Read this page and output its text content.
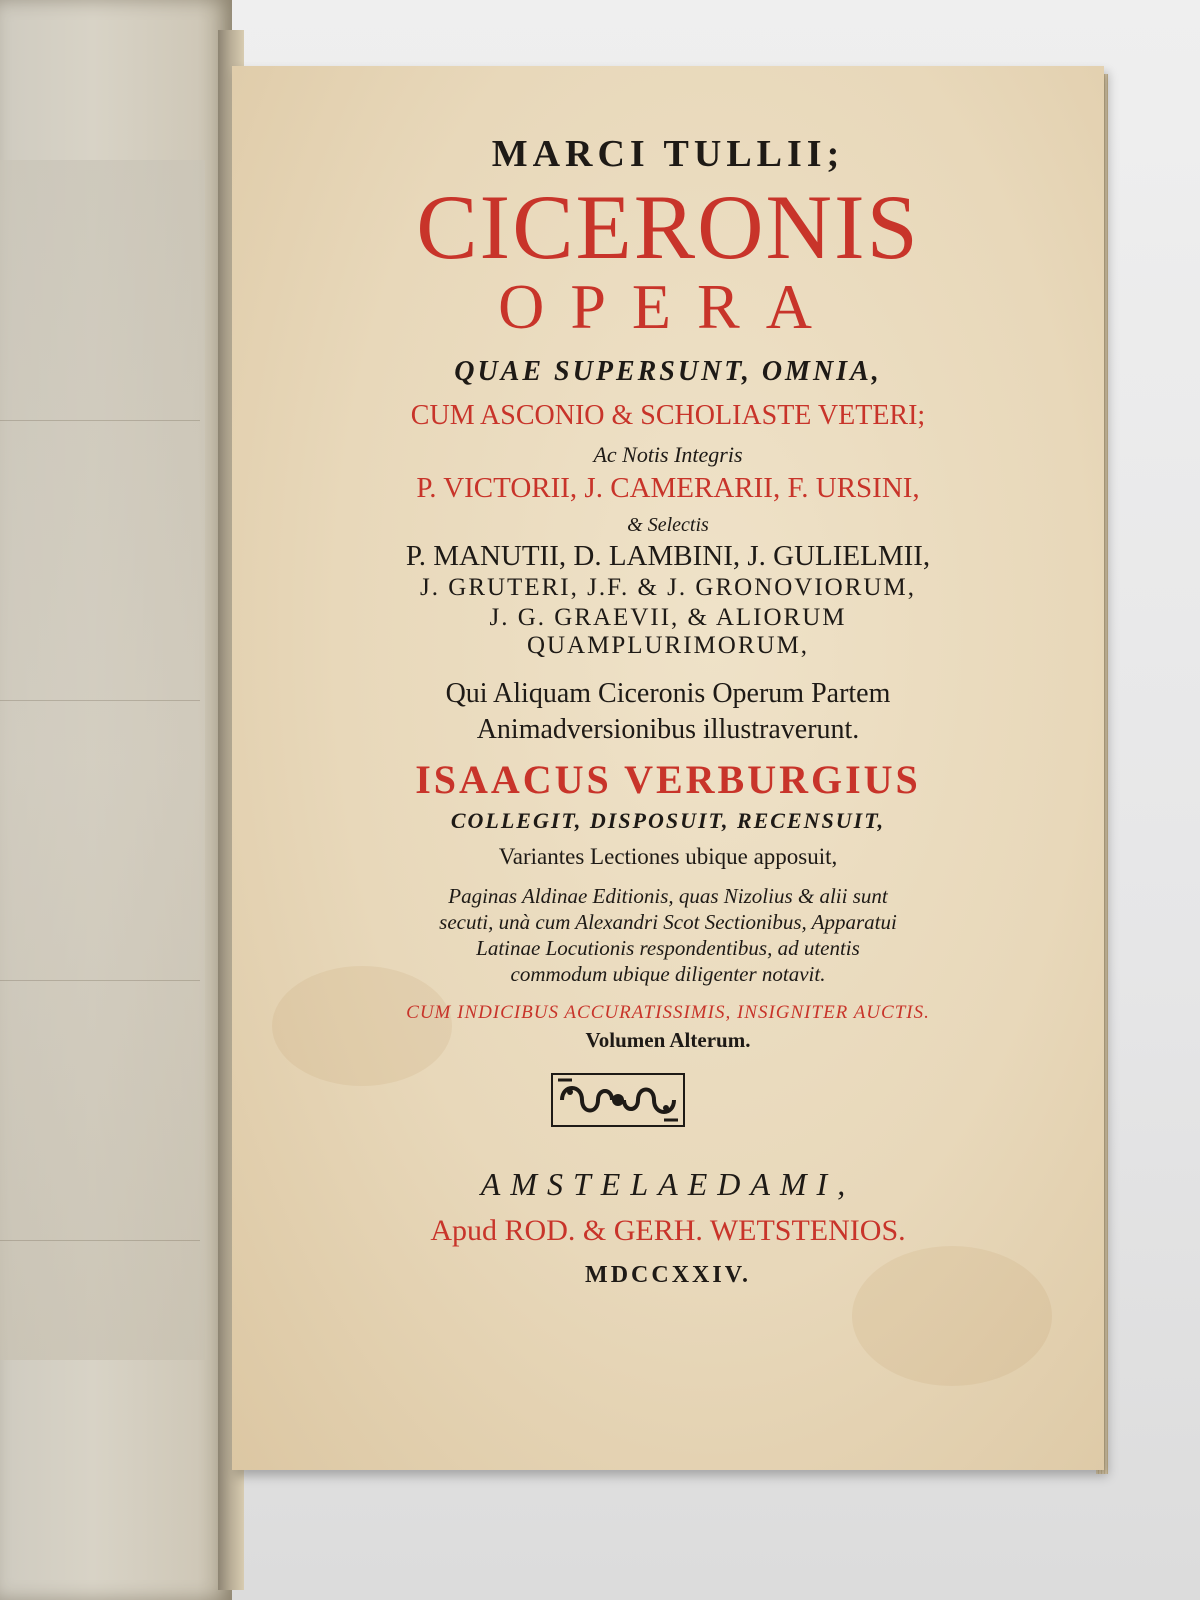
MARCI TULLII;
CICERONIS
OPERA
QUAE SUPERSUNT, OMNIA,
CUM ASCONIO & SCHOLIASTE VETERI;
Ac Notis Integris
P. VICTORII, J. CAMERARII, F. URSINI,
& Selectis
P. MANUTII, D. LAMBINI, J. GULIELMII,
J. GRUTERI, J.F. & J. GRONOVIORUM,
J. G. GRAEVII, & ALIORUM
QUAMPLURIMORUM,
Qui Aliquam Ciceronis Operum Partem
Animadversionibus illustraverunt.
ISAACUS VERBURGIUS
COLLEGIT, DISPOSUIT, RECENSUIT,
Variantes Lectiones ubique apposuit,
Paginas Aldinae Editionis, quas Nizolius & alii sunt
secuti, unà cum Alexandri Scot Sectionibus, Apparatui
Latinae Locutionis respondentibus, ad utentis
commodum ubique diligenter notavit.
CUM INDICIBUS ACCURATISSIMIS, INSIGNITER AUCTIS.
Volumen Alterum.
AMSTELAEDAMI,
Apud ROD. & GERH. WETSTENIOS.
MDCCXXIV.
